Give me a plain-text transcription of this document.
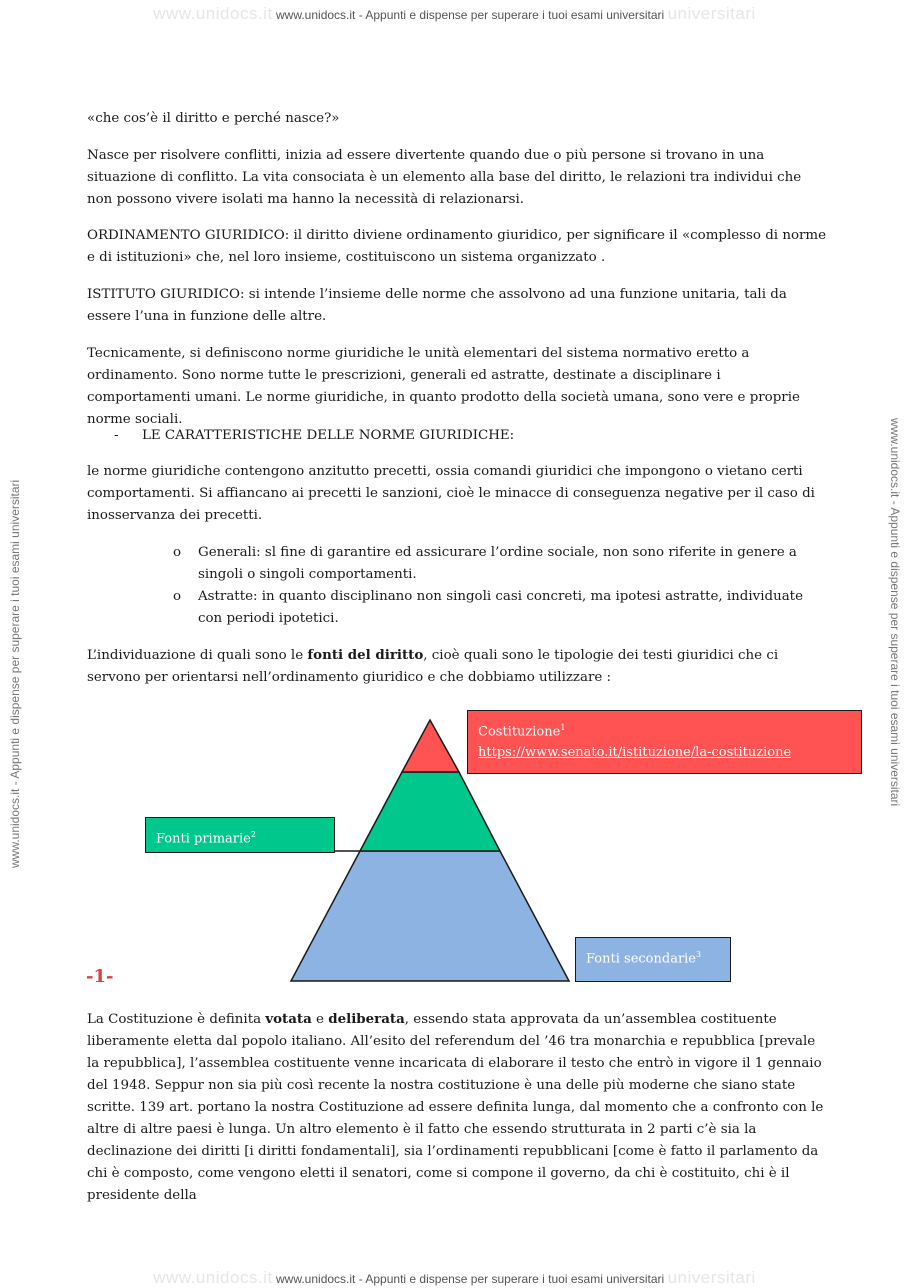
www.unidocs.it www.unidocs.it - Appunti e dispense per superare i tuoi esami universitari universitari
www.unidocs.it www.unidocs.it - Appunti e dispense per superare i tuoi esami universitari universitari
www.unidocs.it - Appunti e dispense per superare i tuoi esami universitari	www.unidocs.it - Appunti e dispense per superare i tuoi esami universitari

«che cos’è il diritto e perché nasce?»

Nasce per risolvere conflitti, inizia ad essere divertente quando due o più persone si trovano in una situazione di conflitto. La vita consociata è un elemento alla base del diritto, le relazioni tra individui che non possono vivere isolati ma hanno la necessità di relazionarsi.

ORDINAMENTO GIURIDICO: il diritto diviene ordinamento giuridico, per significare il «complesso di norme e di istituzioni» che, nel loro insieme, costituiscono un sistema organizzato .

ISTITUTO GIURIDICO: si intende l’insieme delle norme che assolvono ad una funzione unitaria, tali da essere l’una in funzione delle altre.

Tecnicamente, si definiscono norme giuridiche le unità elementari del sistema normativo eretto a ordinamento. Sono norme tutte le prescrizioni, generali ed astratte, destinate a disciplinare i comportamenti umani. Le norme giuridiche, in quanto prodotto della società umana, sono vere e proprie norme sociali.

- LE CARATTERISTICHE DELLE NORME GIURIDICHE:

le norme giuridiche contengono anzitutto precetti, ossia comandi giuridici che impongono o vietano certi comportamenti. Si affiancano ai precetti le sanzioni, cioè le minacce di conseguenza negative per il caso di inosservanza dei precetti.

o Generali: sl fine di garantire ed assicurare l’ordine sociale, non sono riferite in genere a singoli o singoli comportamenti.
o Astratte: in quanto disciplinano non singoli casi concreti, ma ipotesi astratte, individuate con periodi ipotetici.

L’individuazione di quali sono le fonti del diritto, cioè quali sono le tipologie dei testi giuridici che ci servono per orientarsi nell’ordinamento giuridico e che dobbiamo utilizzare :

La Costituzione è definita votata e deliberata, essendo stata approvata da un’assemblea costituente liberamente eletta dal popolo italiano. All’esito del referendum del ’46 tra monarchia e repubblica [prevale la repubblica], l’assemblea costituente venne incaricata di elaborare il testo che entrò in vigore il 1 gennaio del 1948. Seppur non sia più così recente la nostra costituzione è una delle più moderne che siano state scritte. 139 art. portano la nostra Costituzione ad essere definita lunga, dal momento che a confronto con le altre di altre paesi è lunga. Un altro elemento è il fatto che essendo strutturata in 2 parti c’è sia la declinazione dei diritti [i diritti fondamentali], sia l’ordinamenti repubblicani [come è fatto il parlamento da chi è composto, come vengono eletti il senatori, come si compone il governo, da chi è costituito, chi è il presidente della

Costituzione$^1$
https://www.senato.it/istituzione/la-costituzione
Fonti primarie$^2$
Fonti secondarie$^3$
-1-
